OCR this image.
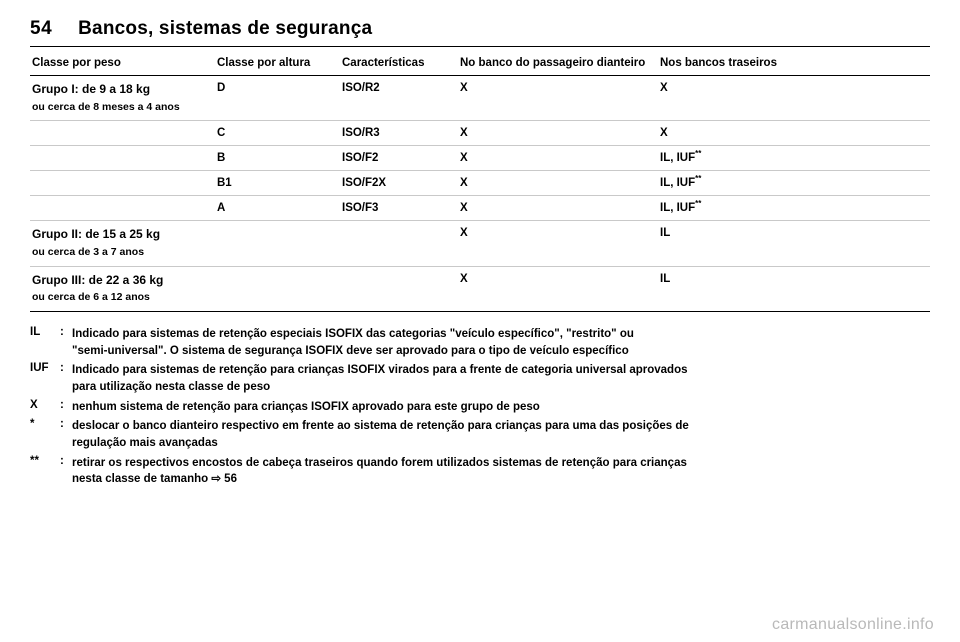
54 Bancos, sistemas de segurança
Classe por peso	Classe por altura	Características	No banco do passageiro dianteiro	Nos bancos traseiros

Grupo I: de 9 a 18 kg
ou cerca de 8 meses a 4 anos	D	ISO/R2	X	X
	C	ISO/R3	X	X
	B	ISO/F2	X	IL, IUF**
	B1	ISO/F2X	X	IL, IUF**
	A	ISO/F3	X	IL, IUF**

Grupo II: de 15 a 25 kg
ou cerca de 3 a 7 anos			X	IL

Grupo III: de 22 a 36 kg
ou cerca de 6 a 12 anos			X	IL
IL	: Indicado para sistemas de retenção especiais ISOFIX das categorias "veículo específico", "restrito" ou
"semi-universal". O sistema de segurança ISOFIX deve ser aprovado para o tipo de veículo específico
IUF : Indicado para sistemas de retenção para crianças ISOFIX virados para a frente de categoria universal aprovados
para utilização nesta classe de peso
X	: nenhum sistema de retenção para crianças ISOFIX aprovado para este grupo de peso
*	: deslocar o banco dianteiro respectivo em frente ao sistema de retenção para crianças para uma das posições de
regulação mais avançadas
**	: retirar os respectivos encostos de cabeça traseiros quando forem utilizados sistemas de retenção para crianças
nesta classe de tamanho ⇨ 56
carmanualsonline.info
